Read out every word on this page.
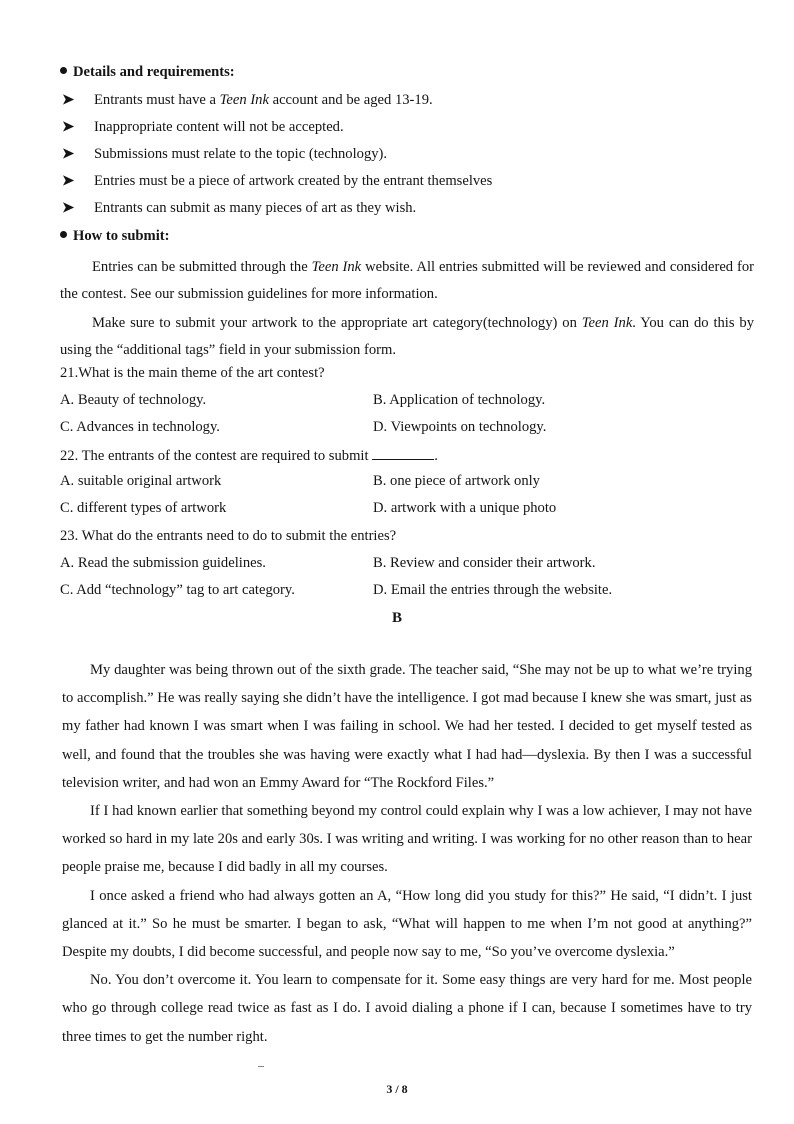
Details and requirements:
➤ Entrants must have a Teen Ink account and be aged 13-19.
➤ Inappropriate content will not be accepted.
➤ Submissions must relate to the topic (technology).
➤ Entries must be a piece of artwork created by the entrant themselves
➤ Entrants can submit as many pieces of art as they wish.
How to submit:
Entries can be submitted through the Teen Ink website. All entries submitted will be reviewed and considered for the contest. See our submission guidelines for more information.
Make sure to submit your artwork to the appropriate art category(technology) on Teen Ink. You can do this by using the “additional tags” field in your submission form.
21.What is the main theme of the art contest?
A. Beauty of technology.	B. Application of technology.
C. Advances in technology.	D. Viewpoints on technology.
22. The entrants of the contest are required to submit	.
A. suitable original artwork	B. one piece of artwork only
C. different types of artwork	D. artwork with a unique photo
23. What do the entrants need to do to submit the entries?
A. Read the submission guidelines.	B. Review and consider their artwork.
C. Add “technology” tag to art category.	D. Email the entries through the website.
B

My daughter was being thrown out of the sixth grade. The teacher said, “She may not be up to what we’re trying to accomplish.” He was really saying she didn’t have the intelligence. I got mad because I knew she was smart, just as my father had known I was smart when I was failing in school. We had her tested. I decided to get myself tested as well, and found that the troubles she was having were exactly what I had had—dyslexia. By then I was a successful television writer, and had won an Emmy Award for “The Rockford Files.”

If I had known earlier that something beyond my control could explain why I was a low achiever, I may not have worked so hard in my late 20s and early 30s. I was writing and writing. I was working for no other reason than to hear people praise me, because I did badly in all my courses.

I once asked a friend who had always gotten an A, “How long did you study for this?” He said, “I didn’t. I just glanced at it.” So he must be smarter. I began to ask, “What will happen to me when I’m not good at anything?” Despite my doubts, I did become successful, and people now say to me, “So you’ve overcome dyslexia.”

No. You don’t overcome it. You learn to compensate for it. Some easy things are very hard for me. Most people who go through college read twice as fast as I do. I avoid dialing a phone if I can, because I sometimes have to try three times to get the number right.

3 / 8
